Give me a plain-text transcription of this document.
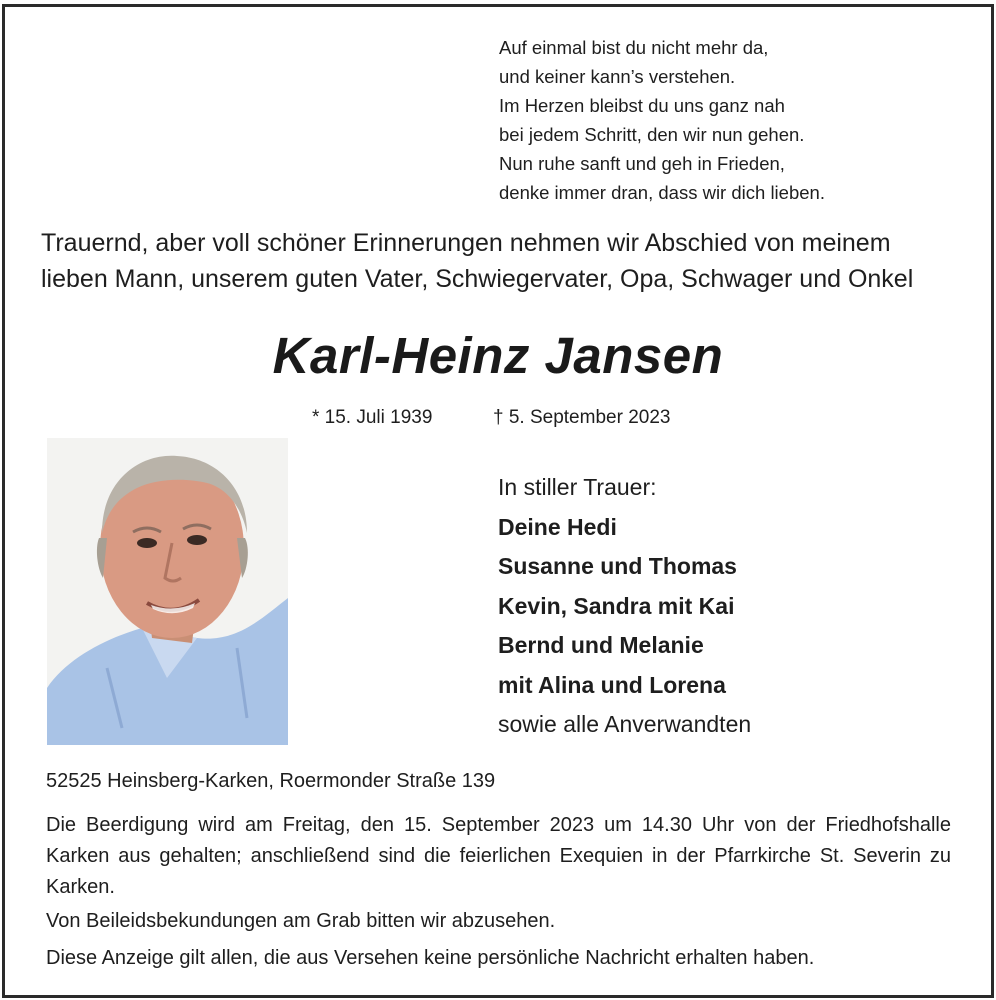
Auf einmal bist du nicht mehr da,
und keiner kann’s verstehen.
Im Herzen bleibst du uns ganz nah
bei jedem Schritt, den wir nun gehen.
Nun ruhe sanft und geh in Frieden,
denke immer dran, dass wir dich lieben.
Trauernd, aber voll schöner Erinnerungen nehmen wir Abschied von meinem
lieben Mann, unserem guten Vater, Schwiegervater, Opa, Schwager und Onkel
Karl-Heinz Jansen
* 15. Juli 1939	† 5. September 2023
In stiller Trauer:
Deine Hedi
Susanne und Thomas
Kevin, Sandra mit Kai
Bernd und Melanie
mit Alina und Lorena
sowie alle Anverwandten
52525 Heinsberg-Karken, Roermonder Straße 139
Die Beerdigung wird am Freitag, den 15. September 2023 um 14.30 Uhr von der Friedhofshalle Karken aus gehalten; anschließend sind die feierlichen Exequien in der Pfarrkirche St. Severin zu Karken.
Von Beileidsbekundungen am Grab bitten wir abzusehen.
Diese Anzeige gilt allen, die aus Versehen keine persönliche Nachricht erhalten haben.
